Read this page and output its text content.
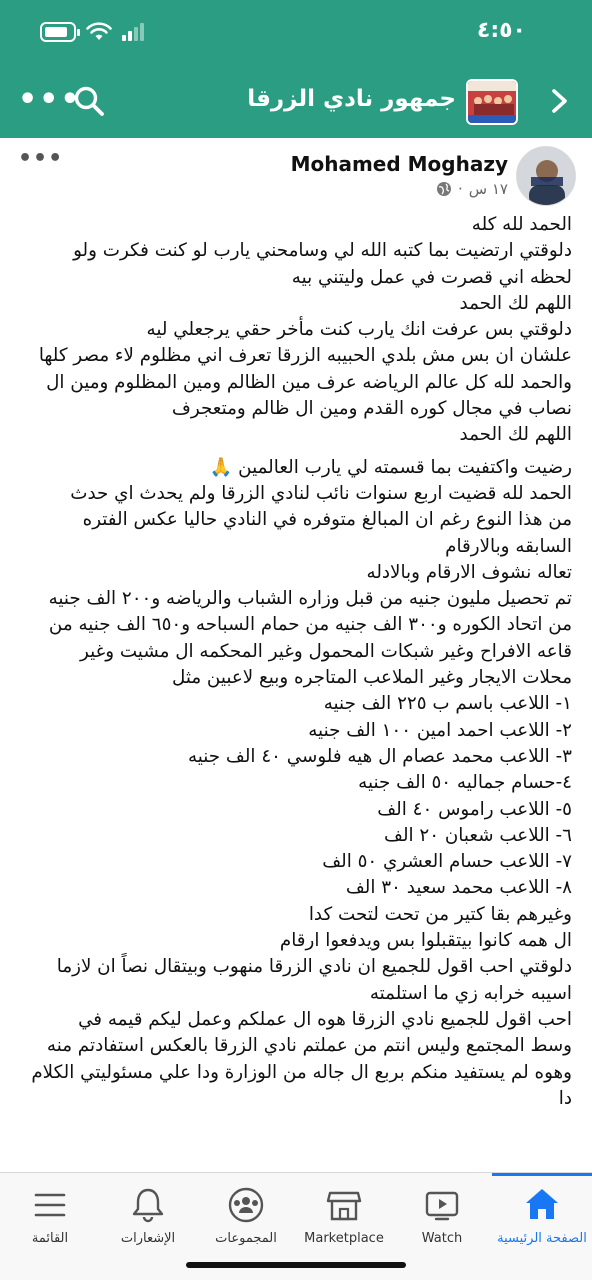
٤:٥٠
•••	جمهور نادي الزرقا
•••	Mohamed Moghazy
١٧ س
·

الحمد لله كله

دلوقتي ارتضيت بما كتبه الله لي وسامحني يارب لو كنت فكرت ولو

لحظه اني قصرت في عمل وليتني بيه

اللهم لك الحمد

دلوقتي بس عرفت انك يارب كنت مأخر حقي يرجعلي ليه

علشان ان بس مش بلدي الحبيبه الزرقا تعرف اني مظلوم لاء مصر كلها

والحمد لله كل عالم الرياضه عرف مين الظالم ومين المظلوم ومين ال

نصاب في مجال كوره القدم ومين ال ظالم ومتعجرف

اللهم لك الحمد

رضيت واكتفيت بما قسمته لي يارب العالمين 🙏

الحمد لله قضيت اربع سنوات نائب لنادي الزرقا ولم يحدث اي حدث

من هذا النوع رغم ان المبالغ متوفره في النادي حاليا عكس الفتره

السابقه وبالارقام

تعاله نشوف الارقام وبالادله

تم تحصيل مليون جنيه من قبل وزاره الشباب والرياضه و٢٠٠ الف جنيه

من اتحاد الكوره و٣٠٠ الف جنيه من حمام السباحه و٦٥٠ الف جنيه من

قاعه الافراح وغير شبكات المحمول وغير المحكمه ال مشيت وغير

محلات الايجار وغير الملاعب المتاجره وبيع لاعبين مثل

١- اللاعب باسم ب ٢٢٥ الف جنيه

٢- اللاعب احمد امين ١٠٠ الف جنيه

٣- اللاعب محمد عصام ال هيه فلوسي ٤٠ الف جنيه

٤-حسام جماليه ٥٠ الف جنيه

٥- اللاعب راموس ٤٠ الف

٦- اللاعب شعبان ٢٠ الف

٧- اللاعب حسام العشري ٥٠ الف

٨- اللاعب محمد سعيد ٣٠ الف

وغيرهم بقا كتير من تحت لتحت كدا

ال همه كانوا بيتقبلوا بس ويدفعوا ارقام

دلوقتي احب اقول للجميع ان نادي الزرقا منهوب وبيتقال نصاً ان لازما

اسيبه خرابه زي ما استلمته

احب اقول للجميع نادي الزرقا هوه ال عملكم وعمل ليكم قيمه في

وسط المجتمع وليس انتم من عملتم نادي الزرقا بالعكس استفادتم منه

وهوه لم يستفيد منكم بربع ال جاله من الوزارة ودا علي مسئوليتي الكلام

دا

القائمة	الإشعارات	المجموعات	Marketplace	Watch	الصفحة الرئيسية
